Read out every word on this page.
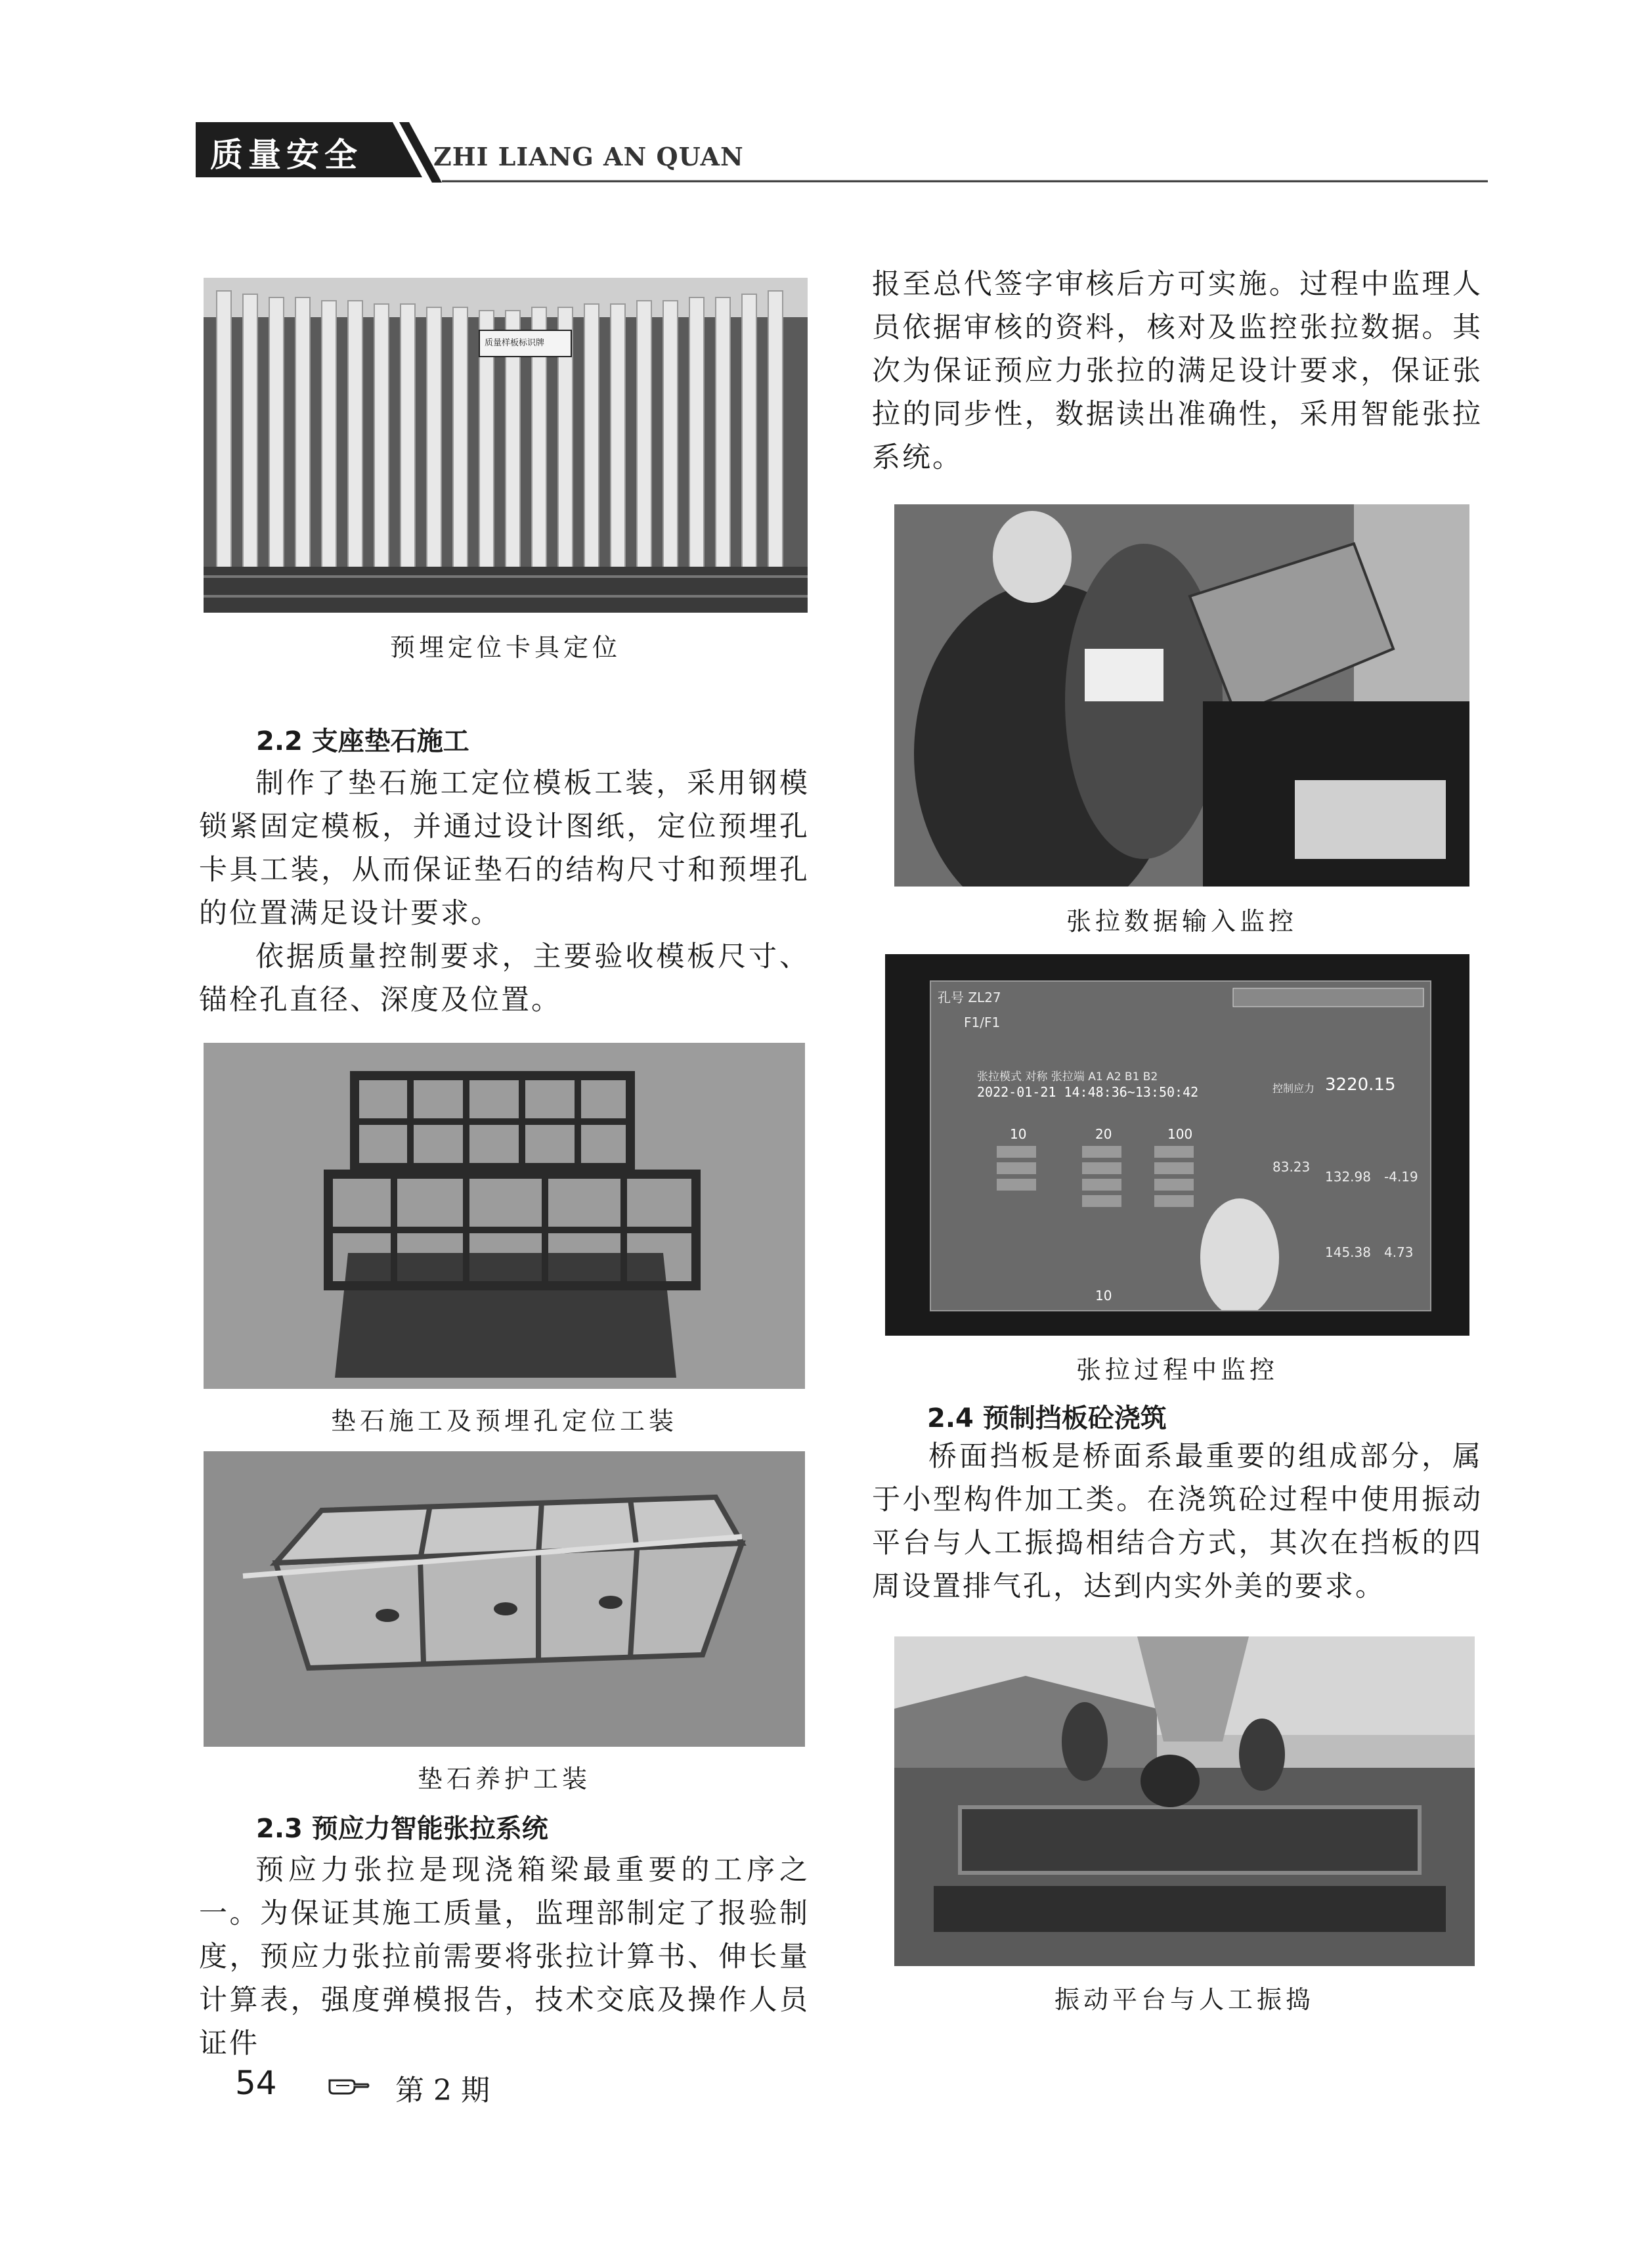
质量安全	ZHI LIANG AN QUAN
质量样板标识牌
预埋定位卡具定位
2.2 支座垫石施工
制作了垫石施工定位模板工装，采用钢模锁紧固定模板，并通过设计图纸，定位预埋孔卡具工装，从而保证垫石的结构尺寸和预埋孔的位置满足设计要求。
依据质量控制要求，主要验收模板尺寸、锚栓孔直径、深度及位置。
垫石施工及预埋孔定位工装
垫石养护工装
2.3 预应力智能张拉系统
预应力张拉是现浇箱梁最重要的工序之一。为保证其施工质量，监理部制定了报验制度，预应力张拉前需要将张拉计算书、伸长量计算表，强度弹模报告，技术交底及操作人员证件
报至总代签字审核后方可实施。过程中监理人员依据审核的资料，核对及监控张拉数据。其次为保证预应力张拉的满足设计要求，保证张拉的同步性，数据读出准确性，采用智能张拉系统。
张拉数据输入监控
孔号 ZL27
F1/F1
张拉模式 对称 张拉端 A1 A2 B1 B2
2022-01-21 14:48:36~13:50:42	控制应力 3220.15
10	20	100
83.23
132.98 -4.19
145.38 4.73
10
张拉过程中监控
2.4 预制挡板砼浇筑
桥面挡板是桥面系最重要的组成部分，属于小型构件加工类。在浇筑砼过程中使用振动平台与人工振捣相结合方式，其次在挡板的四周设置排气孔，达到内实外美的要求。
振动平台与人工振捣
54	第 2 期
